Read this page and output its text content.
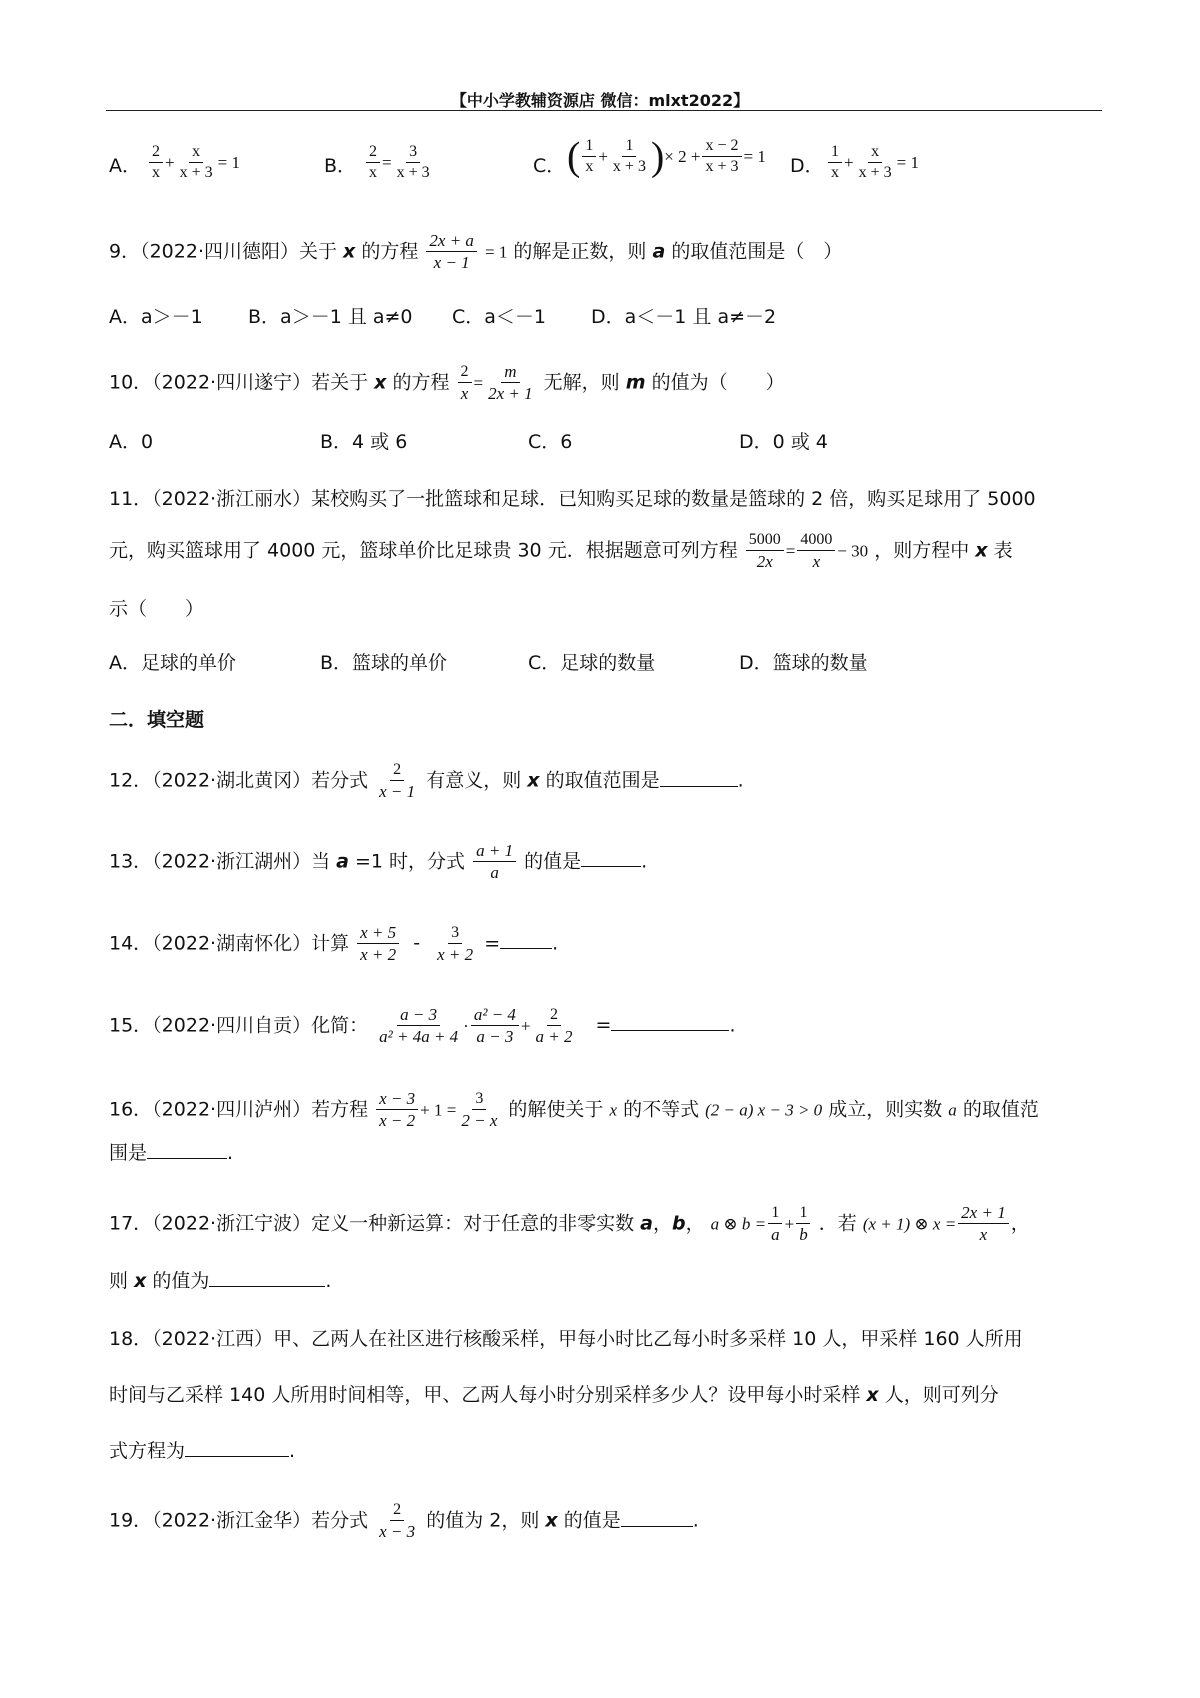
【中小学教辅资源店 微信：mlxt2022】
A． $\frac{2}{x} + \frac{x}{x + 3} = 1$	B． $\frac{2}{x} = \frac{3}{x + 3}$	C． ( $\frac{1}{x} + \frac{1}{x + 3}$ )× $2 + \frac{x - 2}{x + 3} = 1$ D． $\frac{1}{x} + \frac{x}{x + 3} = 1$
9．（2022·四川德阳）关于 x 的方程 $\frac{2x + a}{x - 1} = 1$ 的解是正数，则 a 的取值范围是（　）
A．a＞－1 B．a＞－1 且 a≠0 C．a＜－1 D．a＜－1 且 a≠－2
10．（2022·四川遂宁）若关于 x 的方程 $\frac{2}{x} = \frac{m}{2x + 1}$ 无解，则 m 的值为（　　）
A．0	B．4 或 6	C．6	D．0 或 4
11．（2022·浙江丽水）某校购买了一批篮球和足球．已知购买足球的数量是篮球的 2 倍，购买足球用了 5000
元，购买篮球用了 4000 元，篮球单价比足球贵 30 元．根据题意可列方程 $\frac{5000}{2x} = \frac{4000}{x} - 30$ ，则方程中 x 表
示（　　）
A．足球的单价	B．篮球的单价	C．足球的数量	D．篮球的数量
二．填空题
12．（2022·湖北黄冈）若分式 $\frac{2}{x - 1}$ 有意义，则 x 的取值范围是	.
13．（2022·浙江湖州）当 a =1 时，分式 $\frac{a + 1}{a}$ 的值是	.
14．（2022·湖南怀化）计算 $\frac{x + 5}{x + 2} - \frac{3}{x + 2}$ =	.
15．（2022·四川自贡）化简： $\frac{a - 3}{\text{a² + 4a + 4}} \cdot \frac{\text{a² − 4}}{a - 3} + \frac{2}{a + 2}$ =	.
16．（2022·四川泸州）若方程 $\frac{x - 3}{x - 2} + 1 = \frac{3}{2 - x}$ 的解使关于 x 的不等式 (2 − a) x − 3 > 0 成立，则实数 a 的取值范
围是	.
17．（2022·浙江宁波）定义一种新运算：对于任意的非零实数 a，b， a ⊗ $b = \frac{1}{a} + \frac{1}{b}$ ．若 (x + 1) ⊗ $x = \frac{2x + 1}{x}$ ，
则 x 的值为	.
18．（2022·江西）甲、乙两人在社区进行核酸采样，甲每小时比乙每小时多采样 10 人，甲采样 160 人所用
时间与乙采样 140 人所用时间相等，甲、乙两人每小时分别采样多少人？设甲每小时采样 x 人，则可列分
式方程为	.
19．（2022·浙江金华）若分式 $\frac{2}{x - 3}$ 的值为 2，则 x 的值是	.
